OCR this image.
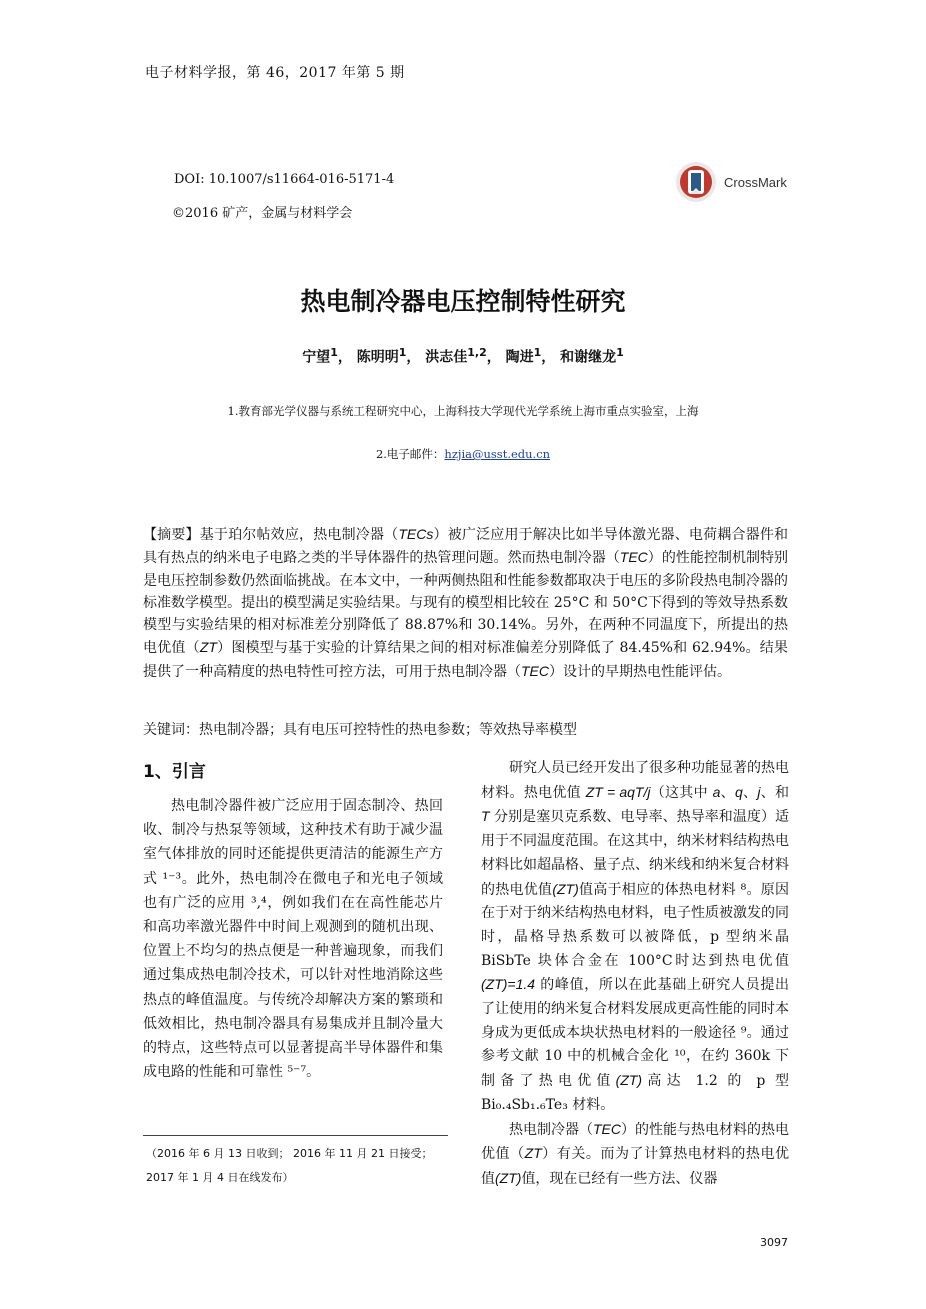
电子材料学报，第 46，2017 年第 5 期
DOI: 10.1007/s11664-016-5171-4
©2016 矿产，金属与材料学会
CrossMark
热电制冷器电压控制特性研究
宁望$^1$， 陈明明$^1$， 洪志佳$^{1,2}$， 陶进$^1$， 和谢继龙$^1$
1.教育部光学仪器与系统工程研究中心，上海科技大学现代光学系统上海市重点实验室，上海
2.电子邮件：hzjia@usst.edu.cn
【摘要】基于珀尔帖效应，热电制冷器（TECs）被广泛应用于解决比如半导体激光器、电荷耦合器件和具有热点的纳米电子电路之类的半导体器件的热管理问题。然而热电制冷器（TEC）的性能控制机制特别是电压控制参数仍然面临挑战。在本文中，一种两侧热阻和性能参数都取决于电压的多阶段热电制冷器的标准数学模型。提出的模型满足实验结果。与现有的模型相比较在 25°C 和 50°C下得到的等效导热系数模型与实验结果的相对标准差分别降低了 88.87%和 30.14%。另外，在两种不同温度下，所提出的热电优值（ZT）图模型与基于实验的计算结果之间的相对标准偏差分别降低了 84.45%和 62.94%。结果提供了一种高精度的热电特性可控方法，可用于热电制冷器（TEC）设计的早期热电性能评估。
关键词：热电制冷器；具有电压可控特性的热电参数；等效热导率模型
1、引言

热电制冷器件被广泛应用于固态制冷、热回收、制冷与热泵等领域，这种技术有助于减少温室气体排放的同时还能提供更清洁的能源生产方式 ¹⁻³。此外，热电制冷在微电子和光电子领域也有广泛的应用 ³,⁴，例如我们在在高性能芯片和高功率激光器件中时间上观测到的随机出现、位置上不均匀的热点便是一种普遍现象，而我们通过集成热电制冷技术，可以针对性地消除这些热点的峰值温度。与传统冷却解决方案的繁琐和低效相比，热电制冷器具有易集成并且制冷量大的特点，这些特点可以显著提高半导体器件和集成电路的性能和可靠性 ⁵⁻⁷。

研究人员已经开发出了很多种功能显著的热电材料。热电优值 ZT = aqT/j（这其中 a、q、j、和 T 分别是塞贝克系数、电导率、热导率和温度）适用于不同温度范围。在这其中，纳米材料结构热电材料比如超晶格、量子点、纳米线和纳米复合材料的热电优值(ZT)值高于相应的体热电材料 ⁸。原因在于对于纳米结构热电材料，电子性质被激发的同时，晶格导热系数可以被降低，p 型纳米晶 BiSbTe 块体合金在 100°C时达到热电优值(ZT)=1.4 的峰值，所以在此基础上研究人员提出了让使用的纳米复合材料发展成更高性能的同时本身成为更低成本块状热电材料的一般途径 ⁹。通过参考文献 10 中的机械合金化 ¹⁰，在约 360k 下制备了热电优值(ZT)高达 1.2 的 p 型 Bi₀.₄Sb₁.₆Te₃ 材料。

热电制冷器（TEC）的性能与热电材料的热电优值（ZT）有关。而为了计算热电材料的热电优值(ZT)值，现在已经有一些方法、仪器

（2016 年 6 月 13 日收到； 2016 年 11 月 21 日接受；
2017 年 1 月 4 日在线发布）
3097
